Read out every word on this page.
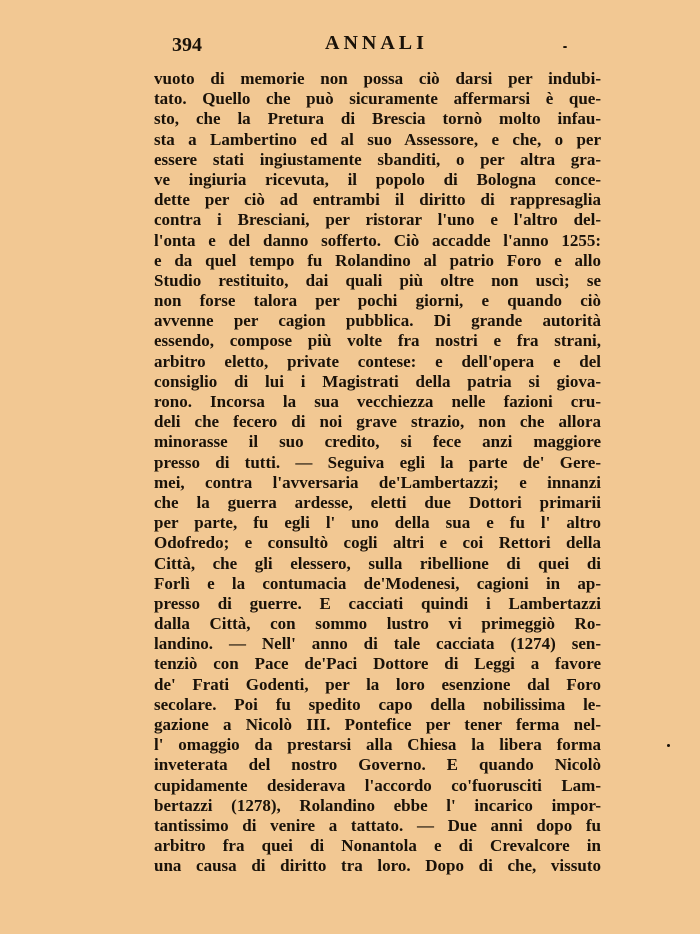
394	ANNALI
vuoto di memorie non possa ciò darsi per indubi-
tato. Quello che può sicuramente affermarsi è que-
sto, che la Pretura di Brescia tornò molto infau-
sta a Lambertino ed al suo Assessore, e che, o per
essere stati ingiustamente sbanditi, o per altra gra-
ve ingiuria ricevuta, il popolo di Bologna conce-
dette per ciò ad entrambi il diritto di rappresaglia
contra i Bresciani, per ristorar l'uno e l'altro del-
l'onta e del danno sofferto. Ciò accadde l'anno 1255:
e da quel tempo fu Rolandino al patrio Foro e allo
Studio restituito, dai quali più oltre non uscì; se
non forse talora per pochi giorni, e quando ciò
avvenne per cagion pubblica. Di grande autorità
essendo, compose più volte fra nostri e fra strani,
arbitro eletto, private contese: e dell'opera e del
consiglio di lui i Magistrati della patria si giova-
rono. Incorsa la sua vecchiezza nelle fazioni cru-
deli che fecero di noi grave strazio, non che allora
minorasse il suo credito, si fece anzi maggiore
presso di tutti. — Seguiva egli la parte de' Gere-
mei, contra l'avversaria de'Lambertazzi; e innanzi
che la guerra ardesse, eletti due Dottori primarii
per parte, fu egli l' uno della sua e fu l' altro
Odofredo; e consultò cogli altri e coi Rettori della
Città, che gli elessero, sulla ribellione di quei di
Forlì e la contumacia de'Modenesi, cagioni in ap-
presso di guerre. E cacciati quindi i Lambertazzi
dalla Città, con sommo lustro vi primeggiò Ro-
landino. — Nell' anno di tale cacciata (1274) sen-
tenziò con Pace de'Paci Dottore di Leggi a favore
de' Frati Godenti, per la loro esenzione dal Foro
secolare. Poi fu spedito capo della nobilissima le-
gazione a Nicolò III. Pontefice per tener ferma nel-
l' omaggio da prestarsi alla Chiesa la libera forma
inveterata del nostro Governo. E quando Nicolò
cupidamente desiderava l'accordo co'fuorusciti Lam-
bertazzi (1278), Rolandino ebbe l' incarico impor-
tantissimo di venire a tattato. — Due anni dopo fu
arbitro fra quei di Nonantola e di Crevalcore in
una causa di diritto tra loro. Dopo di che, vissuto
